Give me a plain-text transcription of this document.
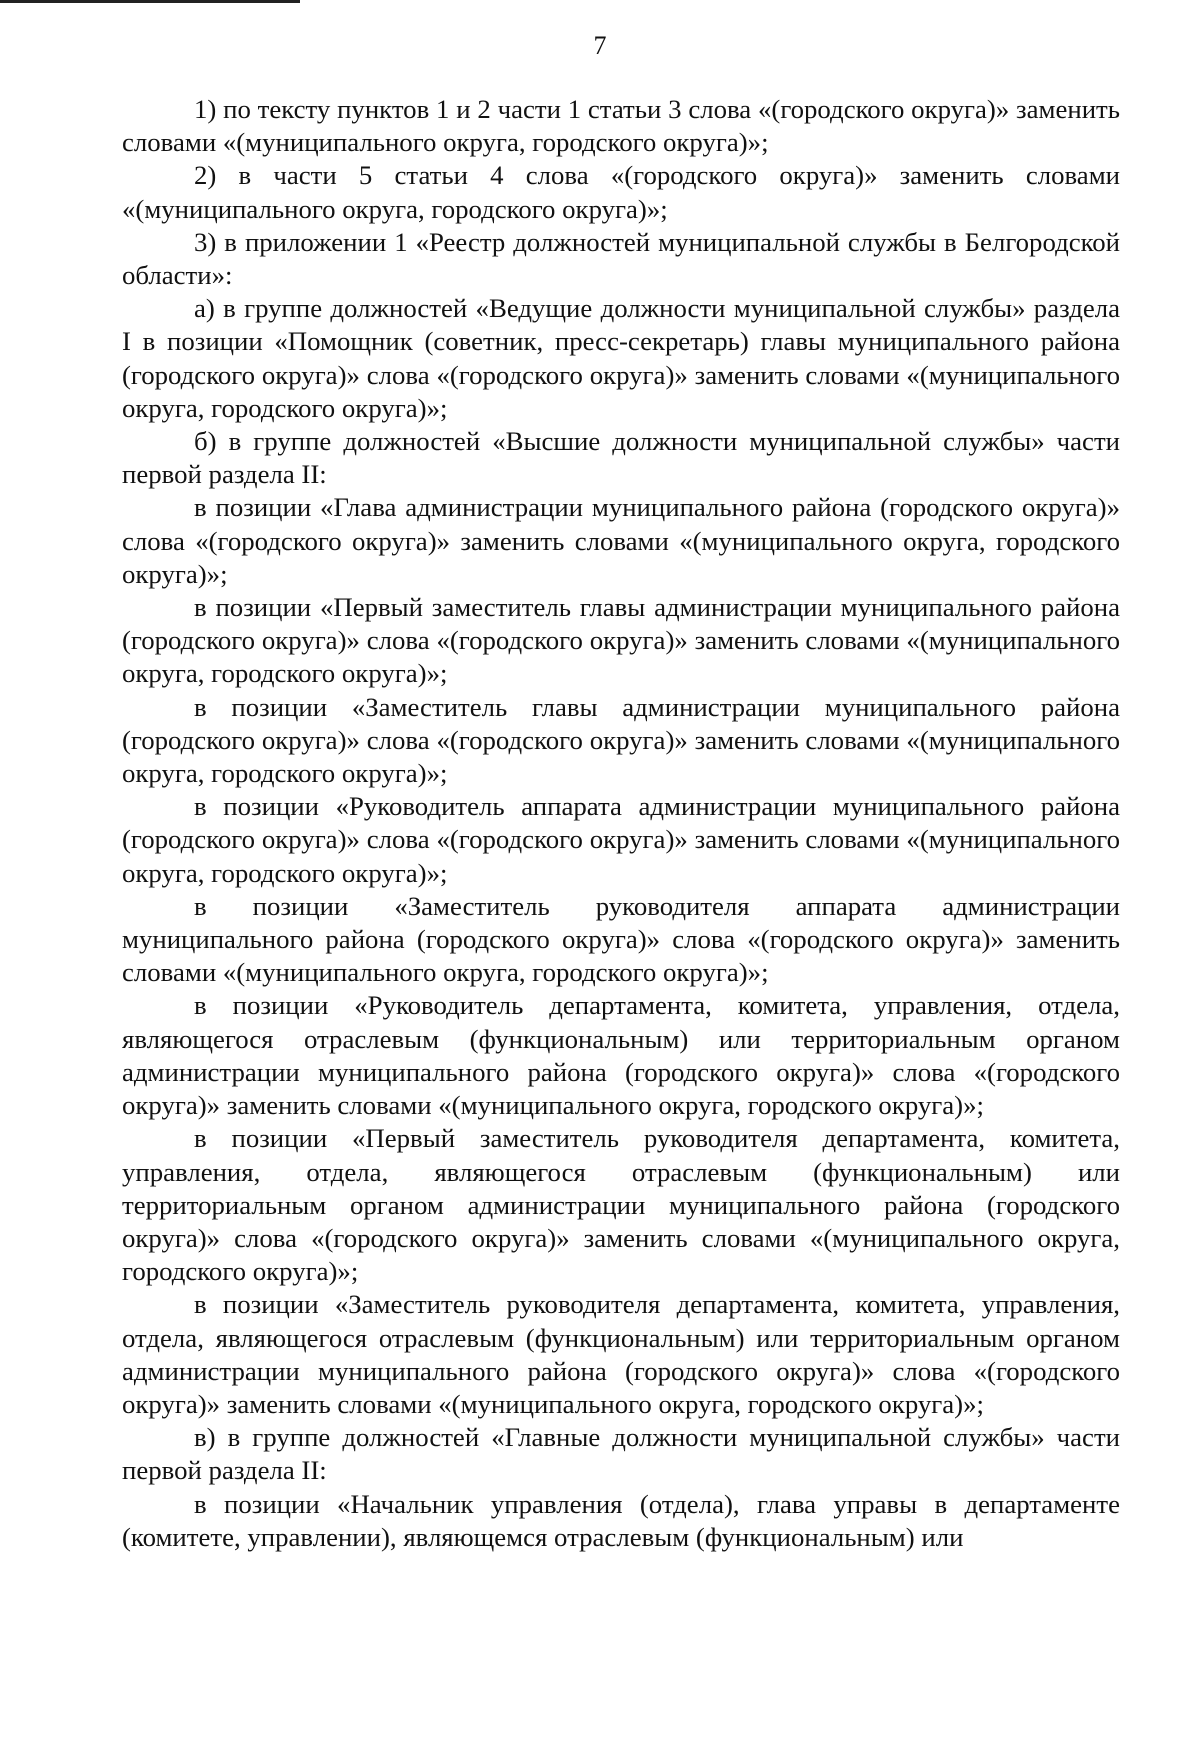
7

1) по тексту пунктов 1 и 2 части 1 статьи 3 слова «(городского округа)» заменить словами «(муниципального округа, городского округа)»;

2) в части 5 статьи 4 слова «(городского округа)» заменить словами «(муниципального округа, городского округа)»;

3) в приложении 1 «Реестр должностей муниципальной службы в Белгородской области»:

а) в группе должностей «Ведущие должности муниципальной службы» раздела I в позиции «Помощник (советник, пресс-секретарь) главы муниципального района (городского округа)» слова «(городского округа)» заменить словами «(муниципального округа, городского округа)»;

б) в группе должностей «Высшие должности муниципальной службы» части первой раздела II:

в позиции «Глава администрации муниципального района (городского округа)» слова «(городского округа)» заменить словами «(муниципального округа, городского округа)»;

в позиции «Первый заместитель главы администрации муниципального района (городского округа)» слова «(городского округа)» заменить словами «(муниципального округа, городского округа)»;

в позиции «Заместитель главы администрации муниципального района (городского округа)» слова «(городского округа)» заменить словами «(муниципального округа, городского округа)»;

в позиции «Руководитель аппарата администрации муниципального района (городского округа)» слова «(городского округа)» заменить словами «(муниципального округа, городского округа)»;

в позиции «Заместитель руководителя аппарата администрации муниципального района (городского округа)» слова «(городского округа)» заменить словами «(муниципального округа, городского округа)»;

в позиции «Руководитель департамента, комитета, управления, отдела, являющегося отраслевым (функциональным) или территориальным органом администрации муниципального района (городского округа)» слова «(городского округа)» заменить словами «(муниципального округа, городского округа)»;

в позиции «Первый заместитель руководителя департамента, комитета, управления, отдела, являющегося отраслевым (функциональным) или территориальным органом администрации муниципального района (городского округа)» слова «(городского округа)» заменить словами «(муниципального округа, городского округа)»;

в позиции «Заместитель руководителя департамента, комитета, управления, отдела, являющегося отраслевым (функциональным) или территориальным органом администрации муниципального района (городского округа)» слова «(городского округа)» заменить словами «(муниципального округа, городского округа)»;

в) в группе должностей «Главные должности муниципальной службы» части первой раздела II:

в позиции «Начальник управления (отдела), глава управы в департаменте (комитете, управлении), являющемся отраслевым (функциональным) или
